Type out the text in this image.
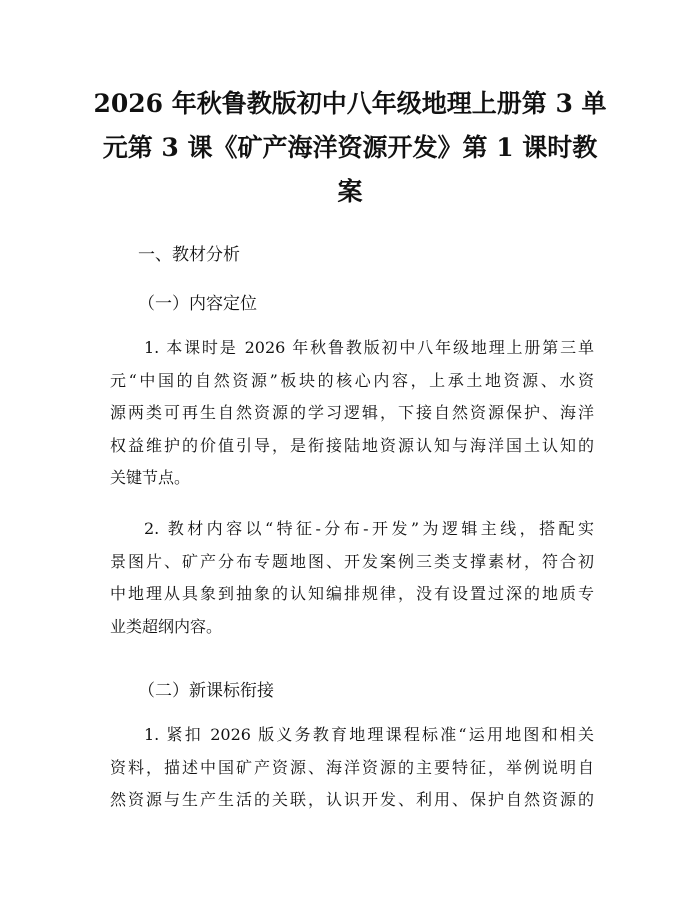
2026 年秋鲁教版初中八年级地理上册第 3 单
元第 3 课《矿产海洋资源开发》第 1 课时教
案

一、教材分析

（一）内容定位

1. 本课时是 2026 年秋鲁教版初中八年级地理上册第三单
元“中国的自然资源”板块的核心内容，上承土地资源、水资
源两类可再生自然资源的学习逻辑，下接自然资源保护、海洋
权益维护的价值引导，是衔接陆地资源认知与海洋国土认知的
关键节点。

2. 教材内容以“特征-分布-开发”为逻辑主线，搭配实
景图片、矿产分布专题地图、开发案例三类支撑素材，符合初
中地理从具象到抽象的认知编排规律，没有设置过深的地质专
业类超纲内容。

（二）新课标衔接

1. 紧扣 2026 版义务教育地理课程标准“运用地图和相关
资料，描述中国矿产资源、海洋资源的主要特征，举例说明自
然资源与生产生活的关联，认识开发、利用、保护自然资源的
